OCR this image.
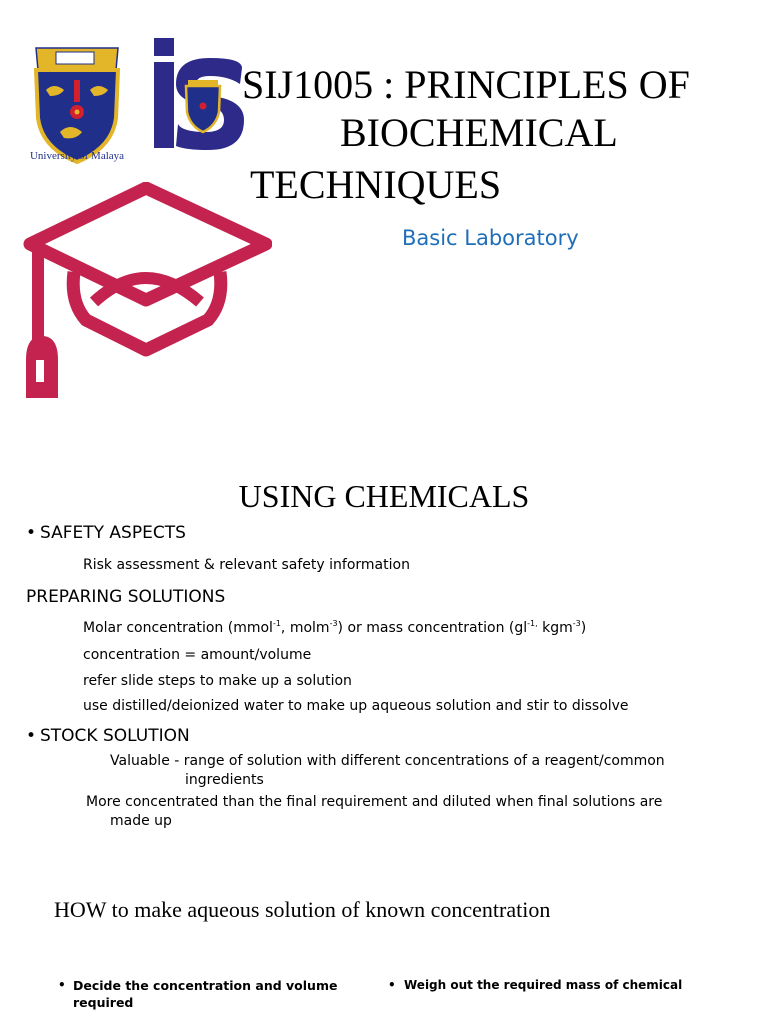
University of Malaya
SIJ1005 : PRINCIPLES OF
BIOCHEMICAL
TECHNIQUES
Basic Laboratory
USING CHEMICALS
• SAFETY ASPECTS
Risk assessment & relevant safety information
PREPARING SOLUTIONS
Molar concentration (mmol$^{-1}$, molm$^{-3}$) or mass concentration ($gl^{-1,}$ kgm$^{-3}$)
concentration = amount/volume
refer slide steps to make up a solution
use distilled/deionized water to make up aqueous solution and stir to dissolve
• STOCK SOLUTION
Valuable - range of solution with different concentrations of a reagent/common
ingredients
More concentrated than the final requirement and diluted when final solutions are
made up
HOW to make aqueous solution of known concentration
• Decide the concentration and volume
required
• Weigh out the required mass of chemical
